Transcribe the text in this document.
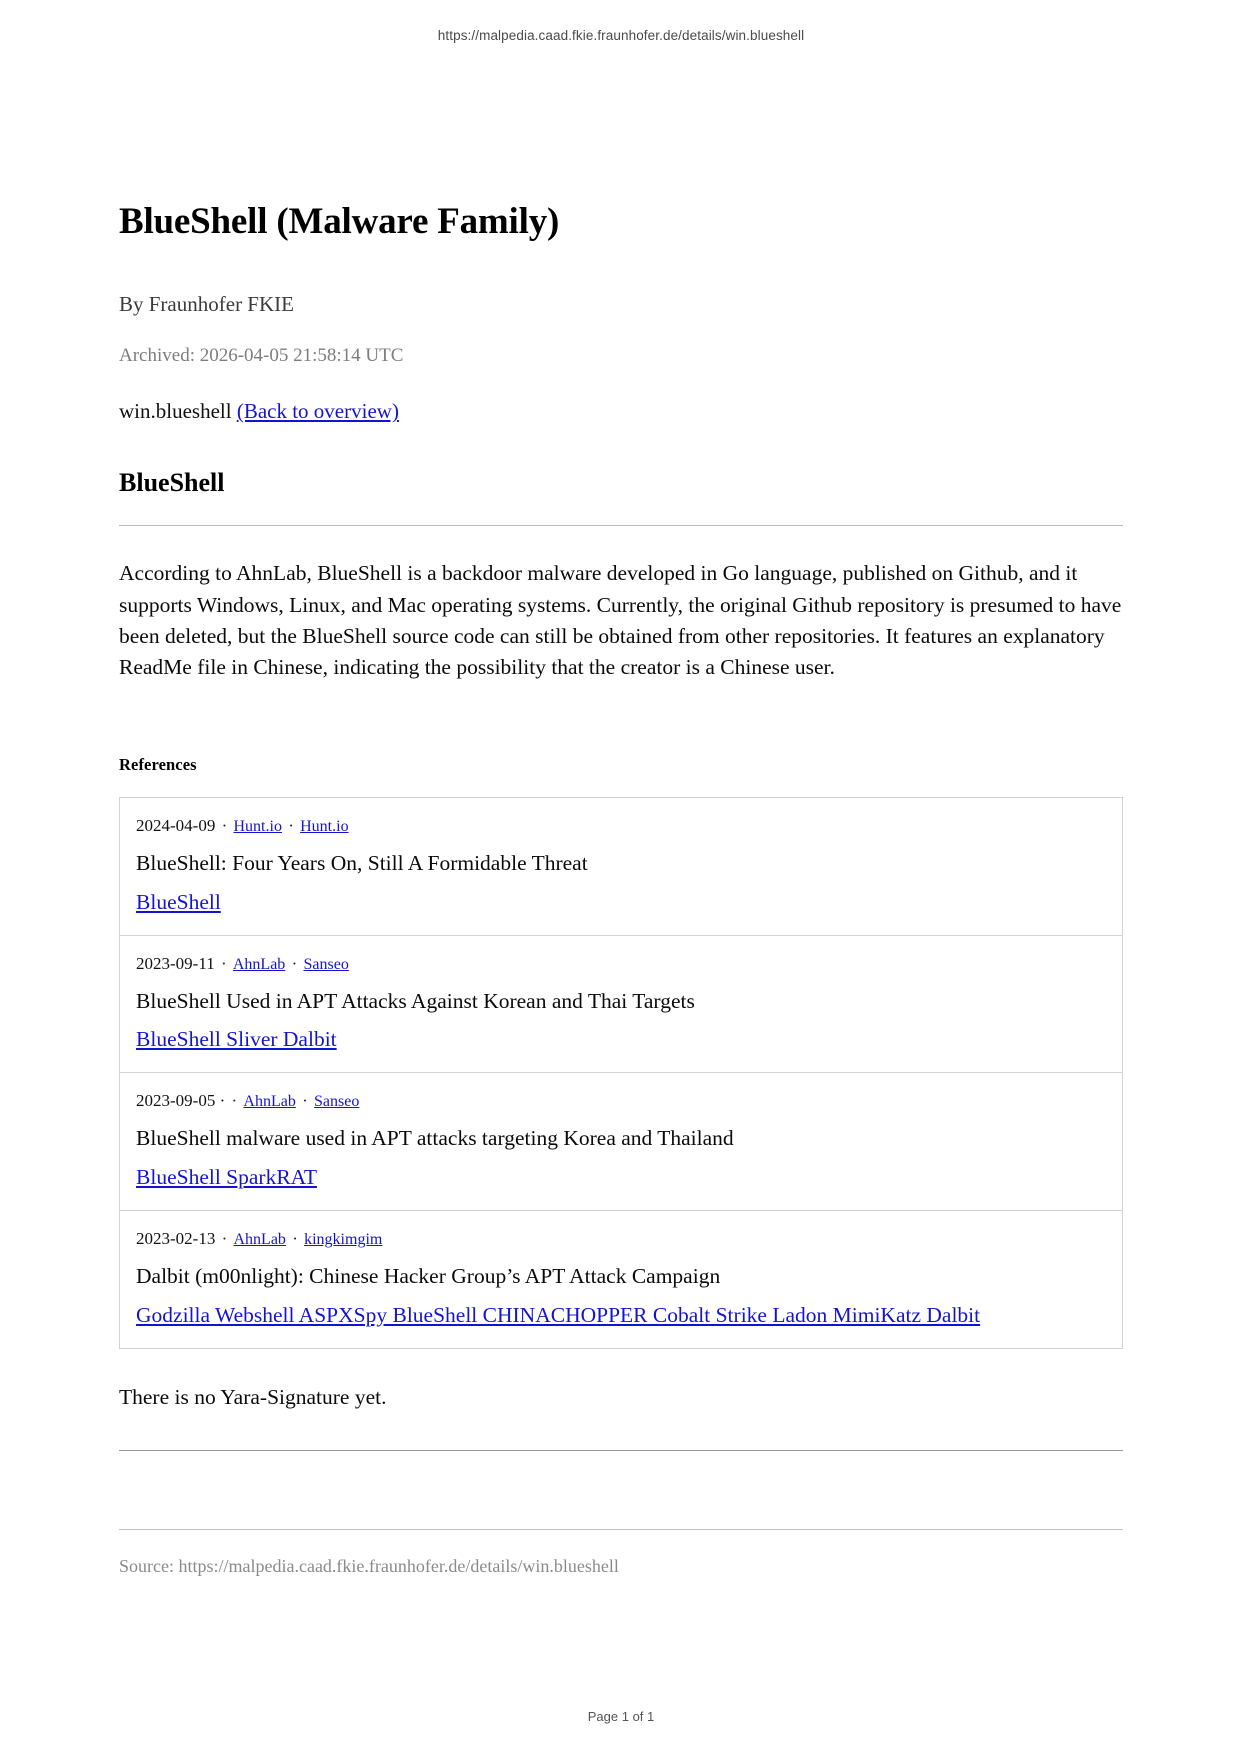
https://malpedia.caad.fkie.fraunhofer.de/details/win.blueshell
BlueShell (Malware Family)
By Fraunhofer FKIE
Archived: 2026-04-05 21:58:14 UTC
win.blueshell (Back to overview)
BlueShell

According to AhnLab, BlueShell is a backdoor malware developed in Go language, published on Github, and it supports Windows, Linux, and Mac operating systems. Currently, the original Github repository is presumed to have been deleted, but the BlueShell source code can still be obtained from other repositories. It features an explanatory ReadMe file in Chinese, indicating the possibility that the creator is a Chinese user.

References
2024-04-09 · Hunt.io · Hunt.io
BlueShell: Four Years On, Still A Formidable Threat
BlueShell

2023-09-11 · AhnLab · Sanseo
BlueShell Used in APT Attacks Against Korean and Thai Targets
BlueShell Sliver Dalbit

2023-09-05 · · AhnLab · Sanseo
BlueShell malware used in APT attacks targeting Korea and Thailand
BlueShell SparkRAT

2023-02-13 · AhnLab · kingkimgim
Dalbit (m00nlight): Chinese Hacker Group’s APT Attack Campaign
Godzilla Webshell ASPXSpy BlueShell CHINACHOPPER Cobalt Strike Ladon MimiKatz Dalbit
There is no Yara-Signature yet.
Source: https://malpedia.caad.fkie.fraunhofer.de/details/win.blueshell
Page 1 of 1
